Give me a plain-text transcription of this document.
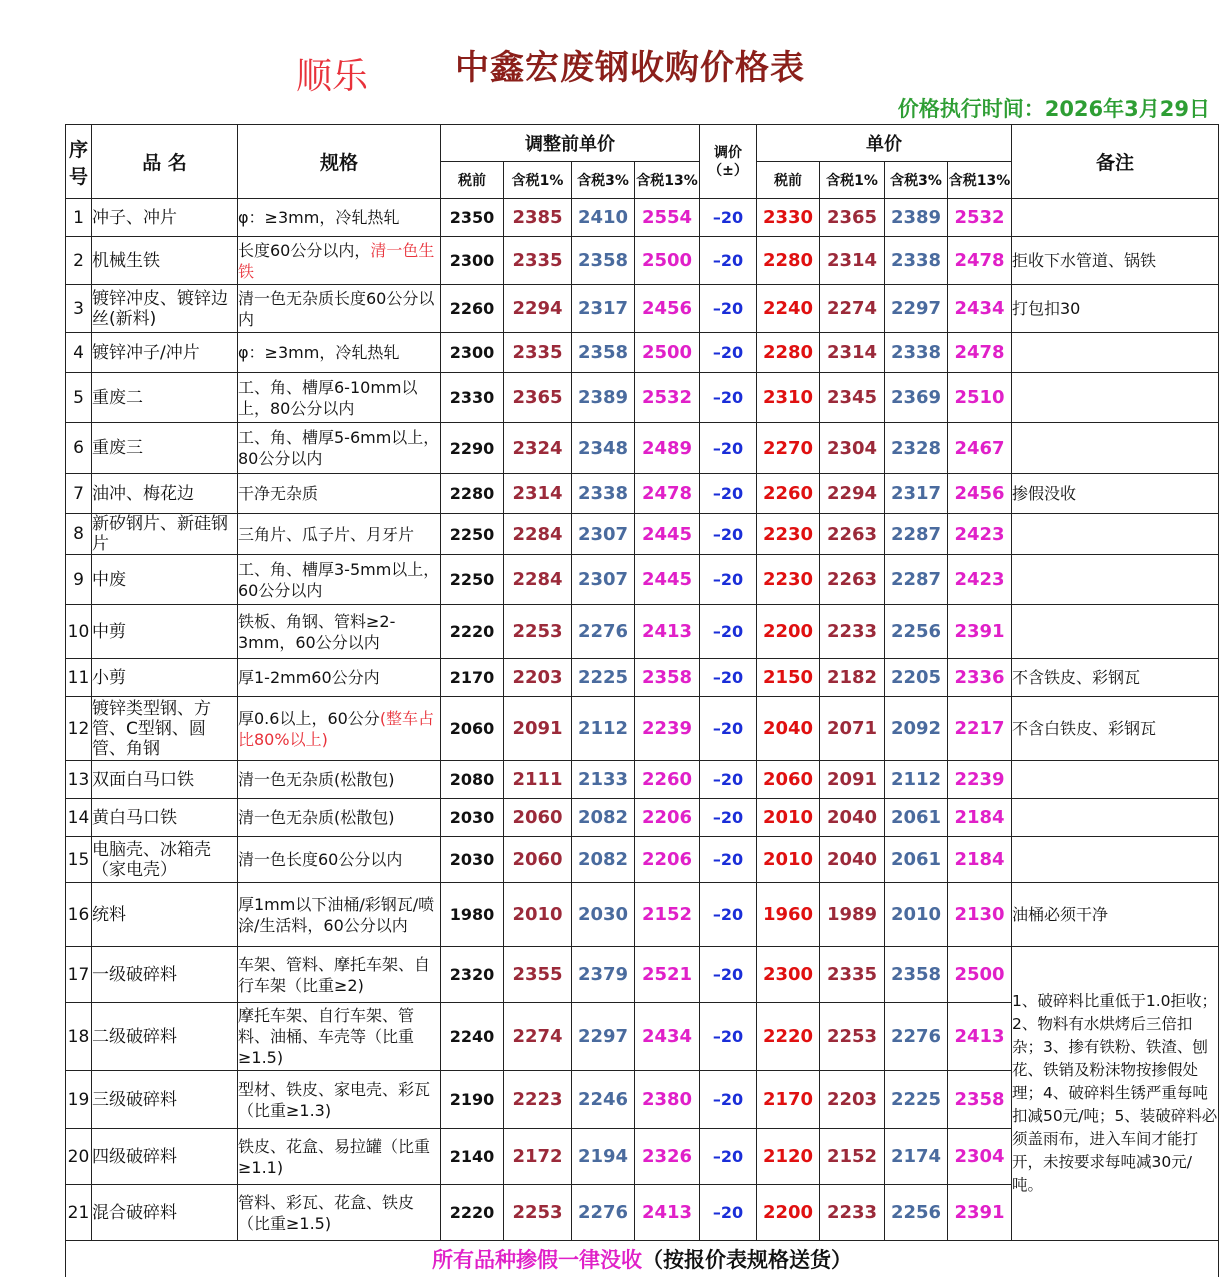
顺乐	中鑫宏废钢收购价格表
价格执行时间：2026年3月29日
序号	品 名	规格	调整前单价				调价（±）	单价				备注
			税前	含税1%	含税3%	含税13%		税前	含税1%	含税3%	含税13%	
1	冲子、冲片	φ：≥3mm，冷轧热轧	2350	2385	2410	2554	–20	2330	2365	2389	2532	
2	机械生铁	长度60公分以内，清一色生铁	2300	2335	2358	2500	–20	2280	2314	2338	2478	拒收下水管道、锅铁
3	镀锌冲皮、镀锌边丝(新料)	清一色无杂质长度60公分以内	2260	2294	2317	2456	–20	2240	2274	2297	2434	打包扣30
4	镀锌冲子/冲片	φ：≥3mm，冷轧热轧	2300	2335	2358	2500	–20	2280	2314	2338	2478	
5	重废二	工、角、槽厚6-10mm以上，80公分以内	2330	2365	2389	2532	–20	2310	2345	2369	2510	
6	重废三	工、角、槽厚5-6mm以上，80公分以内	2290	2324	2348	2489	–20	2270	2304	2328	2467	
7	油冲、梅花边	干净无杂质	2280	2314	2338	2478	–20	2260	2294	2317	2456	掺假没收
8	新矽钢片、新硅钢片	三角片、瓜子片、月牙片	2250	2284	2307	2445	–20	2230	2263	2287	2423	
9	中废	工、角、槽厚3-5mm以上，60公分以内	2250	2284	2307	2445	–20	2230	2263	2287	2423	
10	中剪	铁板、角钢、管料≥2-3mm，60公分以内	2220	2253	2276	2413	–20	2200	2233	2256	2391	
11	小剪	厚1-2mm60公分内	2170	2203	2225	2358	–20	2150	2182	2205	2336	不含铁皮、彩钢瓦
12	镀锌类型钢、方管、C型钢、圆管、角钢	厚0.6以上，60公分(整车占比80%以上)	2060	2091	2112	2239	–20	2040	2071	2092	2217	不含白铁皮、彩钢瓦
13	双面白马口铁	清一色无杂质(松散包)	2080	2111	2133	2260	–20	2060	2091	2112	2239	
14	黄白马口铁	清一色无杂质(松散包)	2030	2060	2082	2206	–20	2010	2040	2061	2184	
15	电脑壳、冰箱壳（家电壳）	清一色长度60公分以内	2030	2060	2082	2206	–20	2010	2040	2061	2184	
16	统料	厚1mm以下油桶/彩钢瓦/喷涂/生活料，60公分以内	1980	2010	2030	2152	–20	1960	1989	2010	2130	油桶必须干净
17	一级破碎料	车架、管料、摩托车架、自行车架（比重≥2)	2320	2355	2379	2521	–20	2300	2335	2358	2500	1、破碎料比重低于1.0拒收；2、物料有水烘烤后三倍扣杂；3、掺有铁粉、铁渣、刨花、铁销及粉沫物按掺假处理；4、破碎料生锈严重每吨扣减50元/吨；5、装破碎料必须盖雨布，进入车间才能打开，未按要求每吨减30元/吨。
18	二级破碎料	摩托车架、自行车架、管料、油桶、车壳等（比重≥1.5)	2240	2274	2297	2434	–20	2220	2253	2276	2413	
19	三级破碎料	型材、铁皮、家电壳、彩瓦（比重≥1.3)	2190	2223	2246	2380	–20	2170	2203	2225	2358	
20	四级破碎料	铁皮、花盒、易拉罐（比重≥1.1)	2140	2172	2194	2326	–20	2120	2152	2174	2304	
21	混合破碎料	管料、彩瓦、花盒、铁皮（比重≥1.5)	2220	2253	2276	2413	–20	2200	2233	2256	2391	
所有品种掺假一律没收（按报价表规格送货）												
